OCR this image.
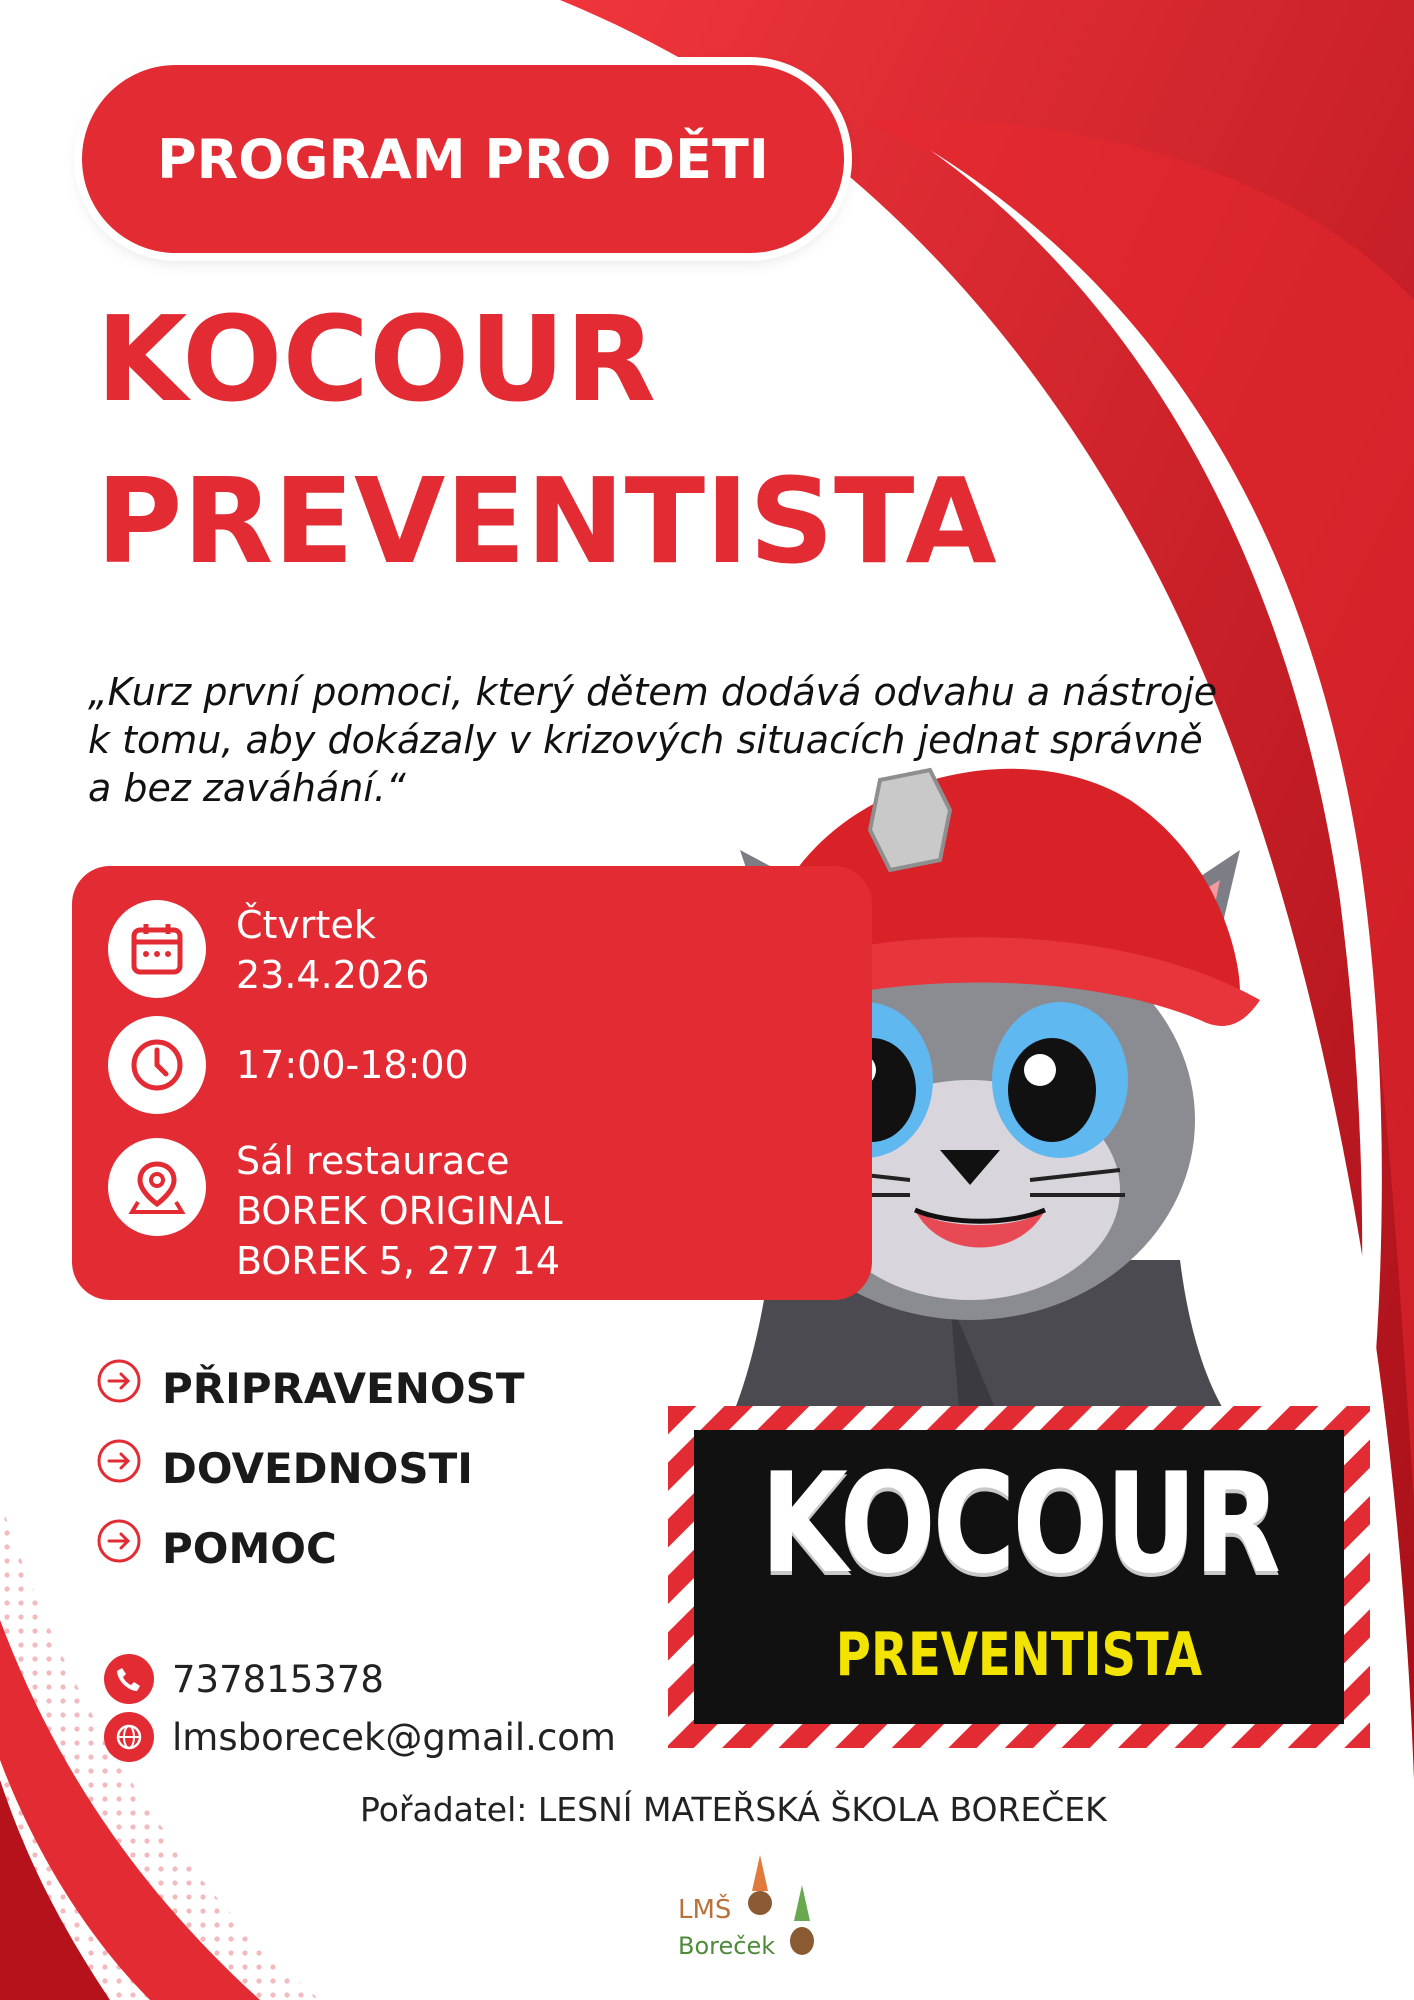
PROGRAM PRO DĚTI
KOCOUR
PREVENTISTA

„Kurz první pomoci, který dětem dodává odvahu a nástroje k tomu, aby dokázaly v krizových situacích jednat správně a bez zaváhání.“

Čtvrtek
23.4.2026
17:00-18:00
Sál restaurace
BOREK ORIGINAL
BOREK 5, 277 14
PŘIPRAVENOST
DOVEDNOSTI
POMOC	KOCOUR
PREVENTISTA
737815378
lmsborecek@gmail.com
Pořadatel: LESNÍ MATEŘSKÁ ŠKOLA BOREČEK
LMŠ
Boreček
